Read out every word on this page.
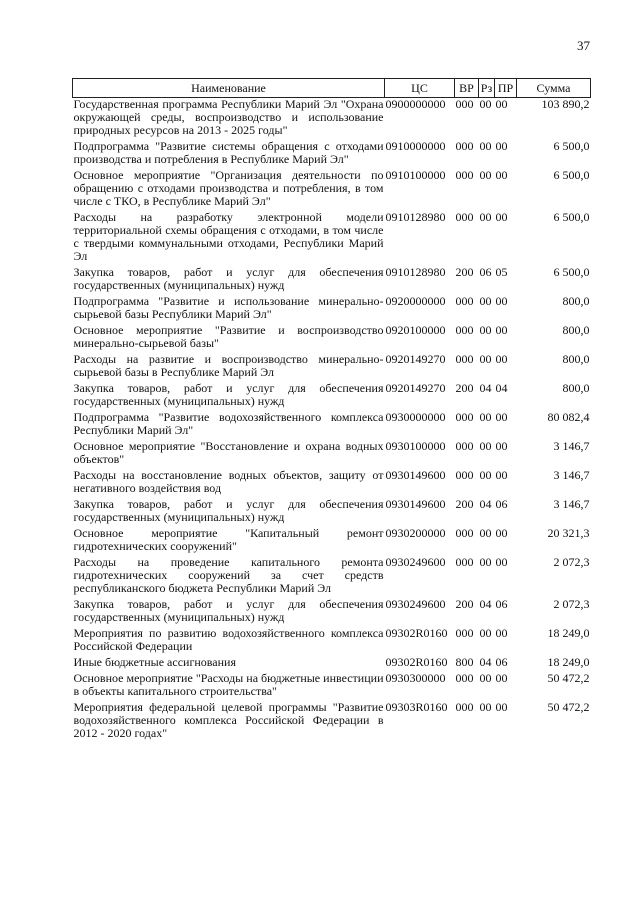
37
Наименование	ЦС	ВР	Рз	ПР	Сумма
Государственная программа Республики Марий Эл "Охрана окружающей среды, воспроизводство и использование природных ресурсов на 2013 - 2025 годы"	0900000000	000	00	00	103 890,2
Подпрограмма "Развитие системы обращения с отходами производства и потребления в Республике Марий Эл"	0910000000	000	00	00	6 500,0
Основное мероприятие "Организация деятельности по обращению с отходами производства и потребления, в том числе с ТКО, в Республике Марий Эл"	0910100000	000	00	00	6 500,0
Расходы на разработку электронной модели территориальной схемы обращения с отходами, в том числе с твердыми коммунальными отходами, Республики Марий Эл	0910128980	000	00	00	6 500,0
Закупка товаров, работ и услуг для обеспечения государственных (муниципальных) нужд	0910128980	200	06	05	6 500,0
Подпрограмма "Развитие и использование минерально-сырьевой базы Республики Марий Эл"	0920000000	000	00	00	800,0
Основное мероприятие "Развитие и воспроизводство минерально-сырьевой базы"	0920100000	000	00	00	800,0
Расходы на развитие и воспроизводство минерально-сырьевой базы в Республике Марий Эл	0920149270	000	00	00	800,0
Закупка товаров, работ и услуг для обеспечения государственных (муниципальных) нужд	0920149270	200	04	04	800,0
Подпрограмма "Развитие водохозяйственного комплекса Республики Марий Эл"	0930000000	000	00	00	80 082,4
Основное мероприятие "Восстановление и охрана водных объектов"	0930100000	000	00	00	3 146,7
Расходы на восстановление водных объектов, защиту от негативного воздействия вод	0930149600	000	00	00	3 146,7
Закупка товаров, работ и услуг для обеспечения государственных (муниципальных) нужд	0930149600	200	04	06	3 146,7
Основное мероприятие "Капитальный ремонт гидротехнических сооружений"	0930200000	000	00	00	20 321,3
Расходы на проведение капитального ремонта гидротехнических сооружений за счет средств республиканского бюджета Республики Марий Эл	0930249600	000	00	00	2 072,3
Закупка товаров, работ и услуг для обеспечения государственных (муниципальных) нужд	0930249600	200	04	06	2 072,3
Мероприятия по развитию водохозяйственного комплекса Российской Федерации	09302R0160	000	00	00	18 249,0
Иные бюджетные ассигнования	09302R0160	800	04	06	18 249,0
Основное мероприятие "Расходы на бюджетные инвестиции в объекты капитального строительства"	0930300000	000	00	00	50 472,2
Мероприятия федеральной целевой программы "Развитие водохозяйственного комплекса Российской Федерации в 2012 - 2020 годах"	09303R0160	000	00	00	50 472,2
